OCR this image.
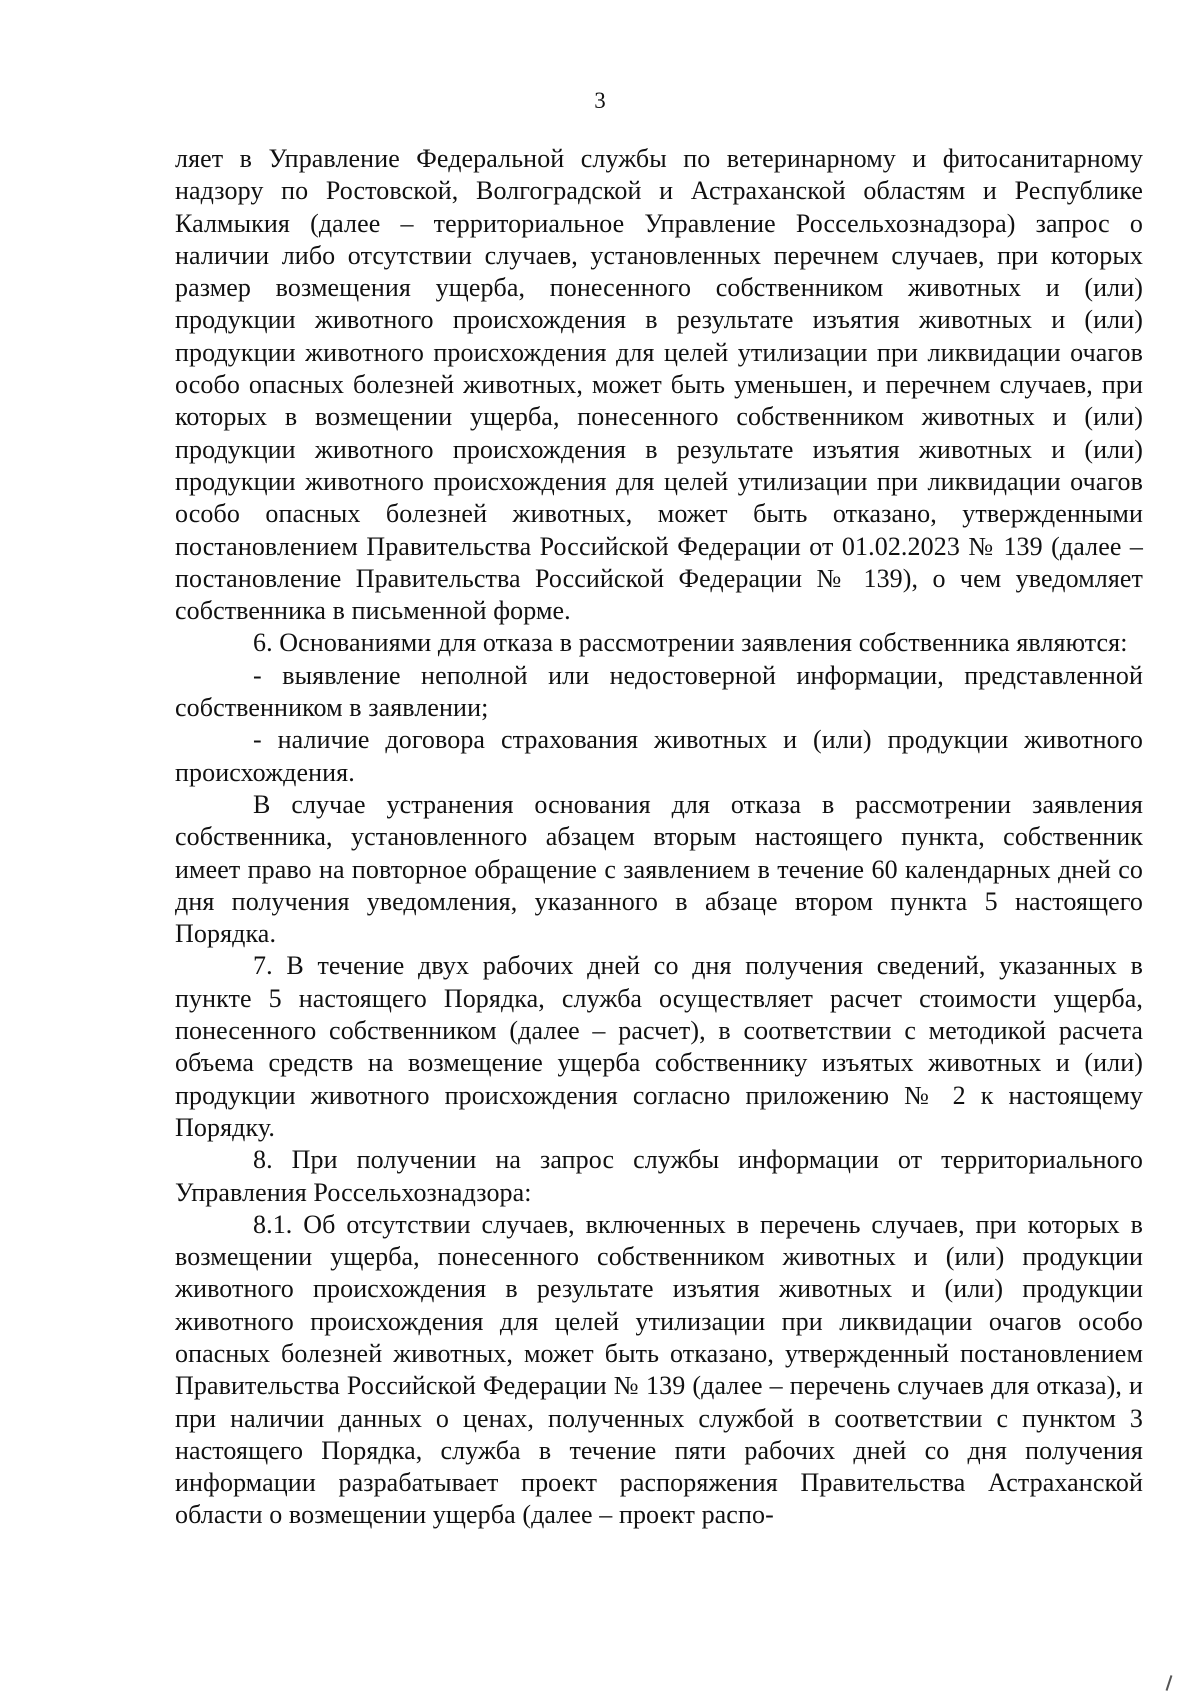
3

ляет в Управление Федеральной службы по ветеринарному и фитосанитарному надзору по Ростовской, Волгоградской и Астраханской областям и Республике Калмыкия (далее – территориальное Управление Россельхознадзора) запрос о наличии либо отсутствии случаев, установленных перечнем случаев, при которых размер возмещения ущерба, понесенного собственником животных и (или) продукции животного происхождения в результате изъятия животных и (или) продукции животного происхождения для целей утилизации при ликвидации очагов особо опасных болезней животных, может быть уменьшен, и перечнем случаев, при которых в возмещении ущерба, понесенного собственником животных и (или) продукции животного происхождения в результате изъятия животных и (или) продукции животного происхождения для целей утилизации при ликвидации очагов особо опасных болезней животных, может быть отказано, утвержденными постановлением Правительства Российской Федерации от 01.02.2023 № 139 (далее – постановление Правительства Российской Федерации № 139), о чем уведомляет собственника в письменной форме.

6. Основаниями для отказа в рассмотрении заявления собственника являются:

- выявление неполной или недостоверной информации, представленной собственником в заявлении;

- наличие договора страхования животных и (или) продукции животного происхождения.

В случае устранения основания для отказа в рассмотрении заявления собственника, установленного абзацем вторым настоящего пункта, собственник имеет право на повторное обращение с заявлением в течение 60 календарных дней со дня получения уведомления, указанного в абзаце втором пункта 5 настоящего Порядка.

7. В течение двух рабочих дней со дня получения сведений, указанных в пункте 5 настоящего Порядка, служба осуществляет расчет стоимости ущерба, понесенного собственником (далее – расчет), в соответствии с методикой расчета объема средств на возмещение ущерба собственнику изъятых животных и (или) продукции животного происхождения согласно приложению № 2 к настоящему Порядку.

8. При получении на запрос службы информации от территориального Управления Россельхознадзора:

8.1. Об отсутствии случаев, включенных в перечень случаев, при которых в возмещении ущерба, понесенного собственником животных и (или) продукции животного происхождения в результате изъятия животных и (или) продукции животного происхождения для целей утилизации при ликвидации очагов особо опасных болезней животных, может быть отказано, утвержденный постановлением Правительства Российской Федерации № 139 (далее – перечень случаев для отказа), и при наличии данных о ценах, полученных службой в соответствии с пунктом 3 настоящего Порядка, служба в течение пяти рабочих дней со дня получения информации разрабатывает проект распоряжения Правительства Астраханской области о возмещении ущерба (далее – проект распо-
